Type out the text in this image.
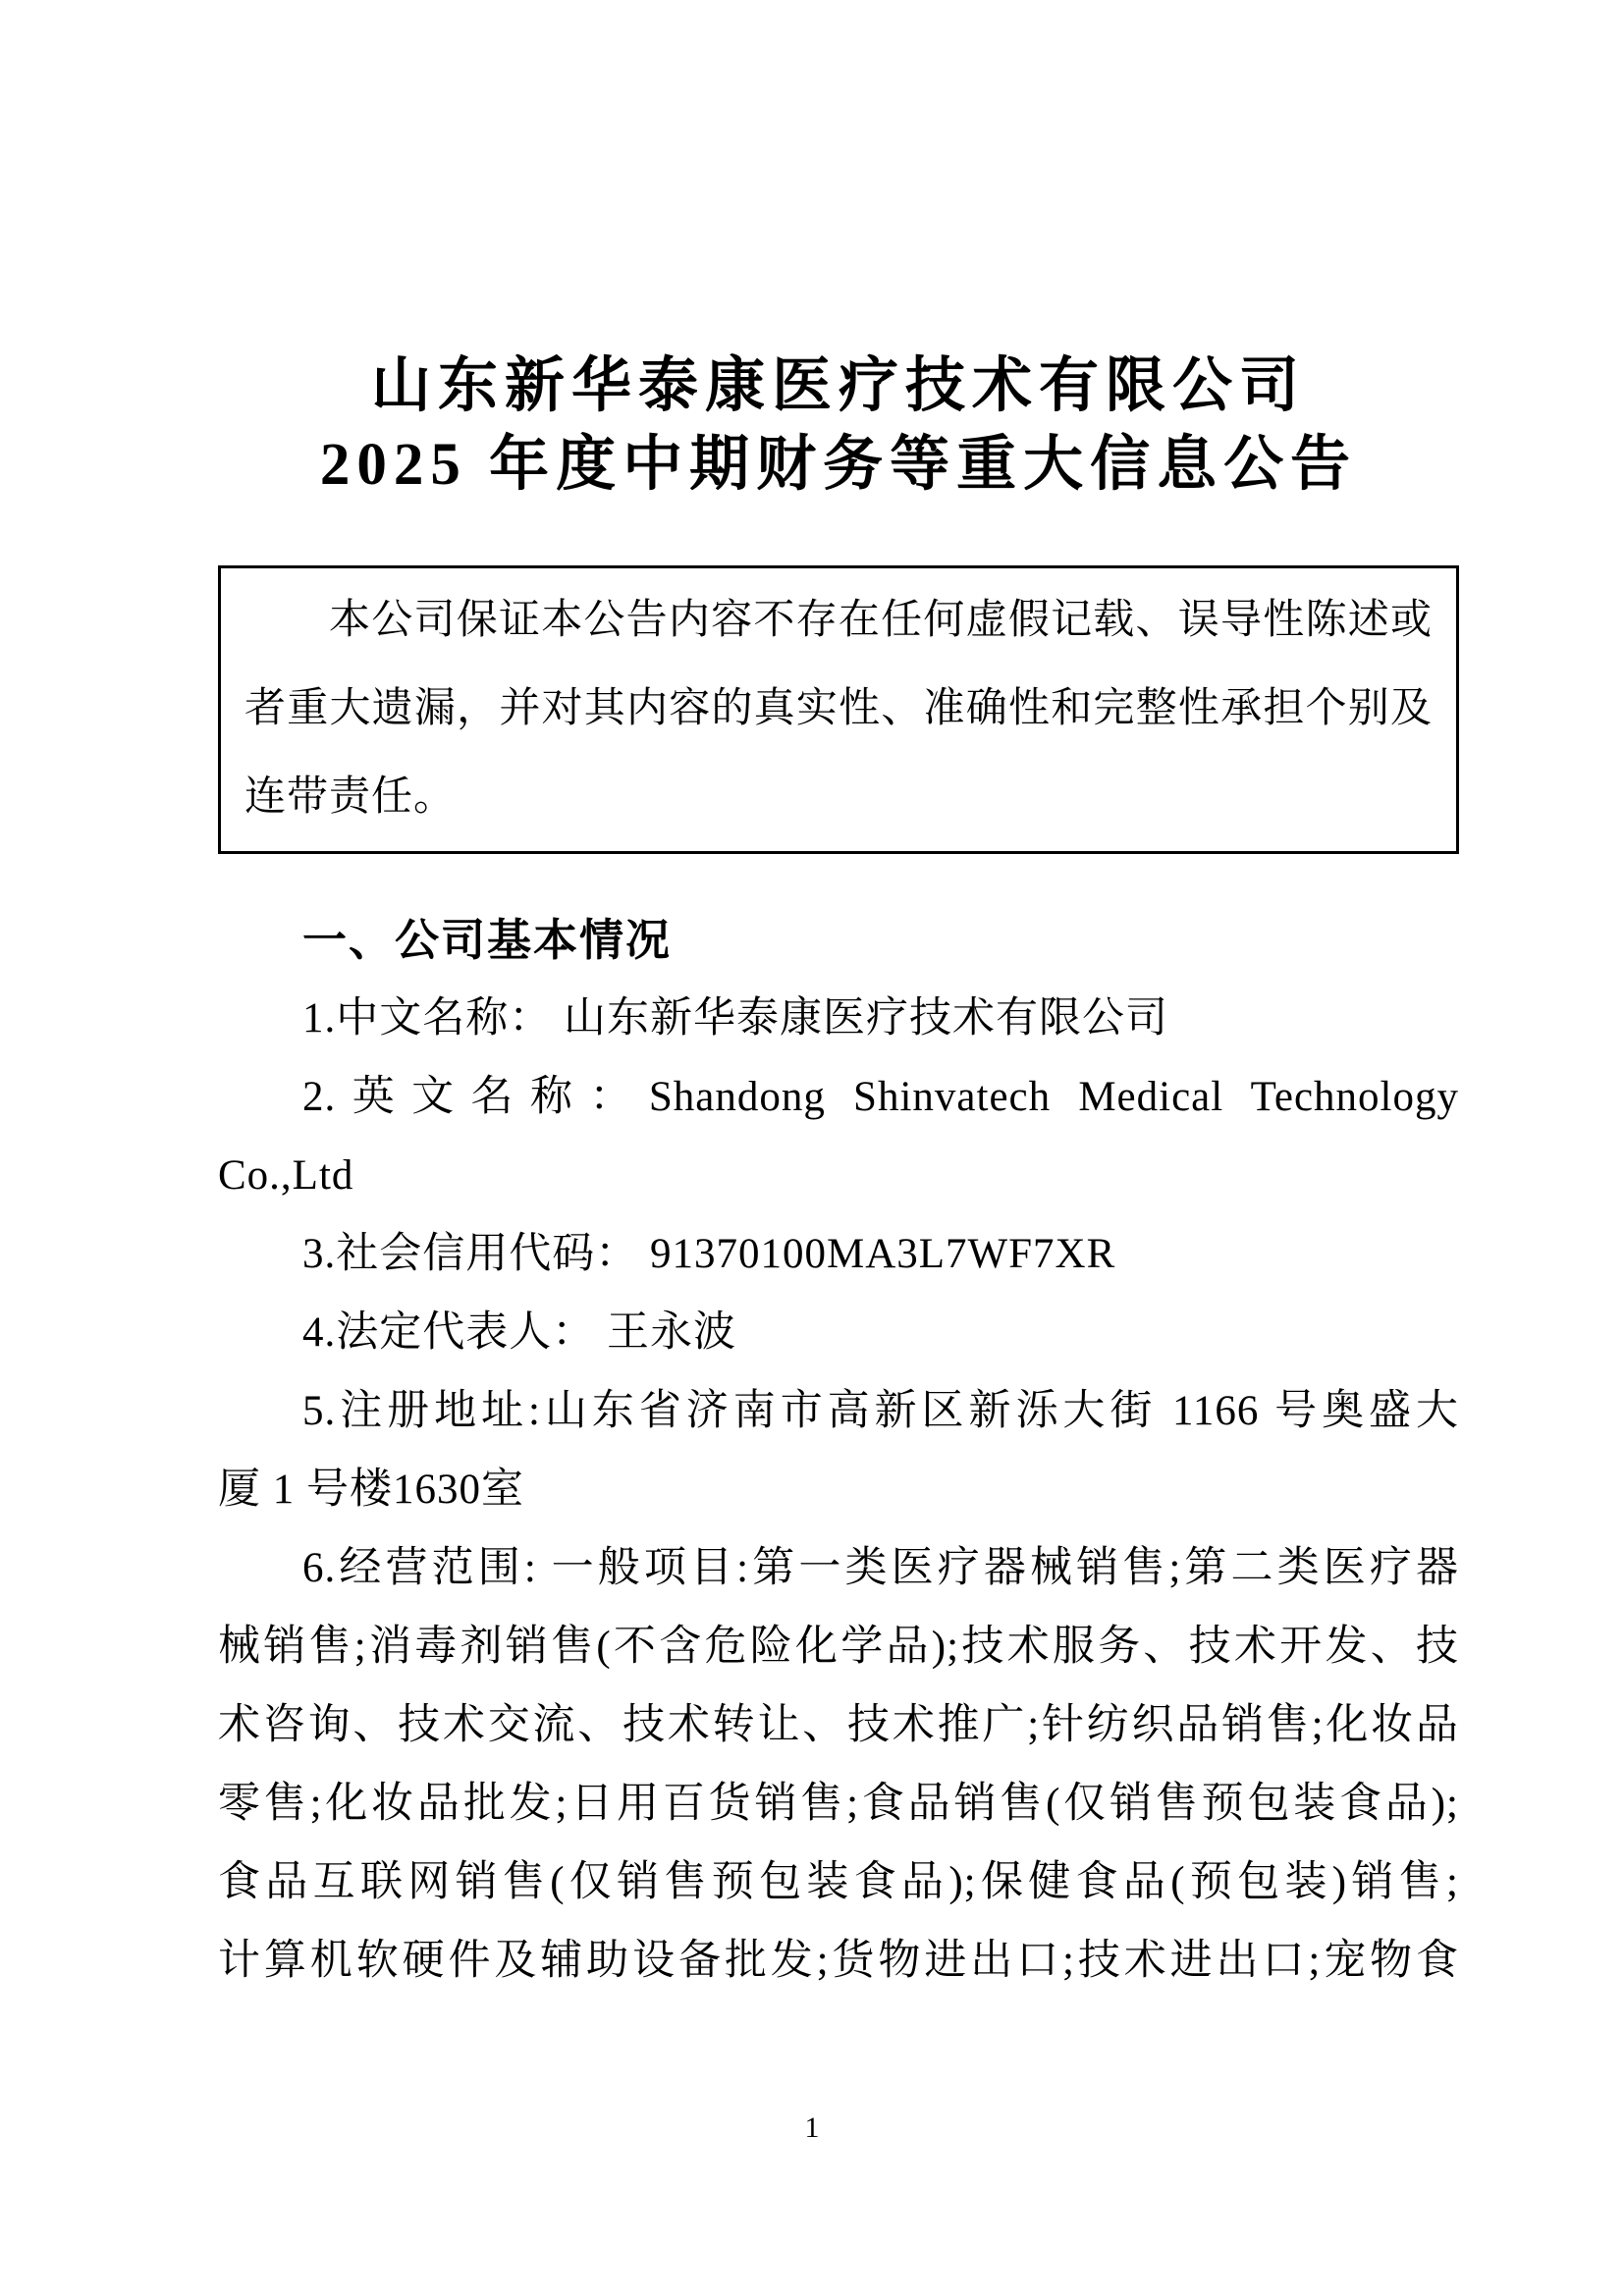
山东新华泰康医疗技术有限公司
2025 年度中期财务等重大信息公告
本公司保证本公告内容不存在任何虚假记载、误导性陈述或
者重大遗漏，并对其内容的真实性、准确性和完整性承担个别及
连带责任。
一、公司基本情况
1.中文名称： 山东新华泰康医疗技术有限公司
2.英文名称：Shandong Shinvatech Medical Technology
Co.,Ltd
3.社会信用代码： 91370100MA3L7WF7XR
4.法定代表人： 王永波
5.注册地址:山东省济南市高新区新泺大街 1166 号奥盛大
厦 1 号楼1630室
6.经营范围: 一般项目:第一类医疗器械销售;第二类医疗器
械销售;消毒剂销售(不含危险化学品);技术服务、技术开发、技
术咨询、技术交流、技术转让、技术推广;针纺织品销售;化妆品
零售;化妆品批发;日用百货销售;食品销售(仅销售预包装食品);
食品互联网销售(仅销售预包装食品);保健食品(预包装)销售;
计算机软硬件及辅助设备批发;货物进出口;技术进出口;宠物食
1
